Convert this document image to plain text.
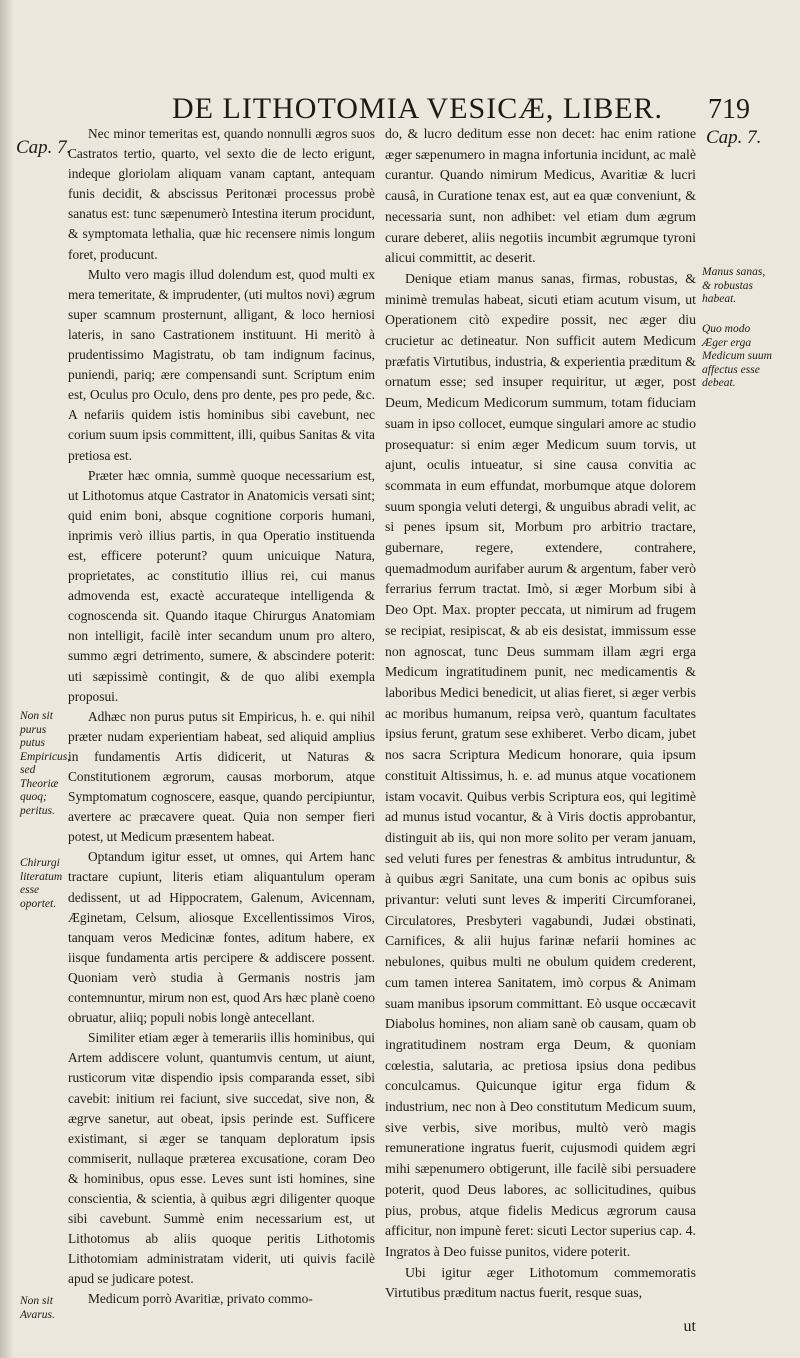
DE LITHOTOMIA VESICÆ, LIBER. 719
Cap. 7.	Cap. 7.
Manus sanas, & robustas habeat.
Quo modo Æger erga Medicum suum affectus esse debeat.
Non sit purus putus Empiricus, sed Theoriæ quoq; peritus.
Chirurgi literatum esse oportet.
Non sit Avarus.

Nec minor temeritas est, quando nonnulli ægros suos Castratos tertio, quarto, vel sexto die de lecto erigunt, indeque gloriolam aliquam vanam captant, antequam funis decidit, & abscissus Peritonæi processus probè sanatus est: tunc sæpenumerò Intestina iterum procidunt, & symptomata lethalia, quæ hic recensere nimis longum foret, producunt.

Multo vero magis illud dolendum est, quod multi ex mera temeritate, & imprudenter, (uti multos novi) ægrum super scamnum prosternunt, alligant, & loco herniosi lateris, in sano Castrationem instituunt. Hi meritò à prudentissimo Magistratu, ob tam indignum facinus, puniendi, pariq; ære compensandi sunt. Scriptum enim est, Oculus pro Oculo, dens pro dente, pes pro pede, &c. A nefariis quidem istis hominibus sibi cavebunt, nec corium suum ipsis committent, illi, quibus Sanitas & vita pretiosa est.

Præter hæc omnia, summè quoque necessarium est, ut Lithotomus atque Castrator in Anatomicis versati sint; quid enim boni, absque cognitione corporis humani, inprimis verò illius partis, in qua Operatio instituenda est, efficere poterunt? quum unicuique Natura, proprietates, ac constitutio illius rei, cui manus admovenda est, exactè accurateque intelligenda & cognoscenda sit. Quando itaque Chirurgus Anatomiam non intelligit, facilè inter secandum unum pro altero, summo ægri detrimento, sumere, & abscindere poterit: uti sæpissimè contingit, & de quo alibi exempla proposui.

Adhæc non purus putus sit Empiricus, h. e. qui nihil præter nudam experientiam habeat, sed aliquid amplius in fundamentis Artis didicerit, ut Naturas & Constitutionem ægrorum, causas morborum, atque Symptomatum cognoscere, easque, quando percipiuntur, avertere ac præcavere queat. Quia non semper fieri potest, ut Medicum præsentem habeat.

Optandum igitur esset, ut omnes, qui Artem hanc tractare cupiunt, literis etiam aliquantulum operam dedissent, ut ad Hippocratem, Galenum, Avicennam, Æginetam, Celsum, aliosque Excellentissimos Viros, tanquam veros Medicinæ fontes, aditum habere, ex iisque fundamenta artis percipere & addiscere possent. Quoniam verò studia à Germanis nostris jam contemnuntur, mirum non est, quod Ars hæc planè coeno obruatur, aliiq; populi nobis longè antecellant.

Similiter etiam æger à temerariis illis hominibus, qui Artem addiscere volunt, quantumvis centum, ut aiunt, rusticorum vitæ dispendio ipsis comparanda esset, sibi cavebit: initium rei faciunt, sive succedat, sive non, & ægrve sanetur, aut obeat, ipsis perinde est. Sufficere existimant, si æger se tanquam deploratum ipsis commiserit, nullaque præterea excusatione, coram Deo & hominibus, opus esse. Leves sunt isti homines, sine conscientia, & scientia, à quibus ægri diligenter quoque sibi cavebunt. Summè enim necessarium est, ut Lithotomus ab aliis quoque peritis Lithotomis Lithotomiam administratam viderit, uti quivis facilè apud se judicare potest.

Medicum porrò Avaritiæ, privato commo-

do, & lucro deditum esse non decet: hac enim ratione æger sæpenumero in magna infortunia incidunt, ac malè curantur. Quando nimirum Medicus, Avaritiæ & lucri causâ, in Curatione tenax est, aut ea quæ conveniunt, & necessaria sunt, non adhibet: vel etiam dum ægrum curare deberet, aliis negotiis incumbit ægrumque tyroni alicui committit, ac deserit.

Denique etiam manus sanas, firmas, robustas, & minimè tremulas habeat, sicuti etiam acutum visum, ut Operationem citò expedire possit, nec æger diu crucietur ac detineatur. Non sufficit autem Medicum præfatis Virtutibus, industria, & experientia præditum & ornatum esse; sed insuper requiritur, ut æger, post Deum, Medicum Medicorum summum, totam fiduciam suam in ipso collocet, eumque singulari amore ac studio prosequatur: si enim æger Medicum suum torvis, ut ajunt, oculis intueatur, si sine causa convitia ac scommata in eum effundat, morbumque atque dolorem suum spongia veluti detergi, & unguibus abradi velit, ac si penes ipsum sit, Morbum pro arbitrio tractare, gubernare, regere, extendere, contrahere, quemadmodum aurifaber aurum & argentum, faber verò ferrarius ferrum tractat. Imò, si æger Morbum sibi à Deo Opt. Max. propter peccata, ut nimirum ad frugem se recipiat, resipiscat, & ab eis desistat, immissum esse non agnoscat, tunc Deus summam illam ægri erga Medicum ingratitudinem punit, nec medicamentis & laboribus Medici benedicit, ut alias fieret, si æger verbis ac moribus humanum, reipsa verò, quantum facultates ipsius ferunt, gratum sese exhiberet. Verbo dicam, jubet nos sacra Scriptura Medicum honorare, quia ipsum constituit Altissimus, h. e. ad munus atque vocationem istam vocavit. Quibus verbis Scriptura eos, qui legitimè ad munus istud vocantur, & à Viris doctis approbantur, distinguit ab iis, qui non more solito per veram januam, sed veluti fures per fenestras & ambitus intruduntur, & à quibus ægri Sanitate, una cum bonis ac opibus suis privantur: veluti sunt leves & imperiti Circumforanei, Circulatores, Presbyteri vagabundi, Judæi obstinati, Carnifices, & alii hujus farinæ nefarii homines ac nebulones, quibus multi ne obulum quidem crederent, cum tamen interea Sanitatem, imò corpus & Animam suam manibus ipsorum committant. Eò usque occæcavit Diabolus homines, non aliam sanè ob causam, quam ob ingratitudinem nostram erga Deum, & quoniam cœlestia, salutaria, ac pretiosa ipsius dona pedibus conculcamus. Quicunque igitur erga fidum & industrium, nec non à Deo constitutum Medicum suum, sive verbis, sive moribus, multò verò magis remuneratione ingratus fuerit, cujusmodi quidem ægri mihi sæpenumero obtigerunt, ille facilè sibi persuadere poterit, quod Deus labores, ac sollicitudines, quibus pius, probus, atque fidelis Medicus ægrorum causa afficitur, non impunè feret: sicuti Lector superius cap. 4. Ingratos à Deo fuisse punitos, videre poterit.

Ubi igitur æger Lithotomum commemoratis Virtutibus præditum nactus fuerit, resque suas,

ut
